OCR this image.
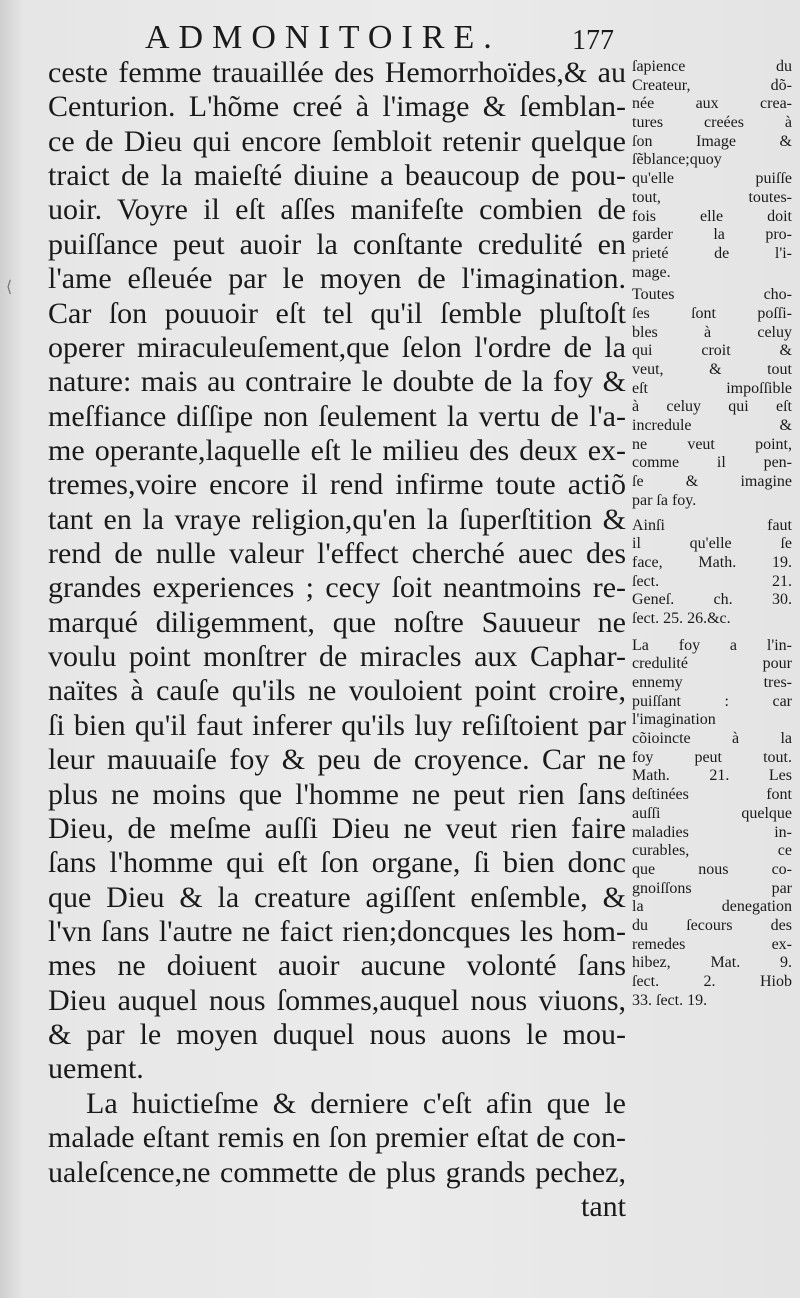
ADMONITOIRE.	177
⟨
ceste femme trauaillée des Hemorrhoïdes,& au
Centurion. L'hõme creé à l'image & ſemblan-
ce de Dieu qui encore ſembloit retenir quelque
traict de la maieſté diuine a beaucoup de pou-
uoir. Voyre il eſt aſſes manifeſte combien de
puiſſance peut auoir la conſtante credulité en
l'ame eſleuée par le moyen de l'imagination.
Car ſon pouuoir eſt tel qu'il ſemble pluſtoſt
operer miraculeuſement,que ſelon l'ordre de la
nature: mais au contraire le doubte de la foy &
meſfiance diſſipe non ſeulement la vertu de l'a-
me operante,laquelle eſt le milieu des deux ex-
tremes,voire encore il rend infirme toute actiõ
tant en la vraye religion,qu'en la ſuperſtition &
rend de nulle valeur l'effect cherché auec des
grandes experiences ; cecy ſoit neantmoins re-
marqué diligemment, que noſtre Sauueur ne
voulu point monſtrer de miracles aux Caphar-
naïtes à cauſe qu'ils ne vouloient point croire,
ſi bien qu'il faut inferer qu'ils luy reſiſtoient par
leur mauuaiſe foy & peu de croyence. Car ne
plus ne moins que l'homme ne peut rien ſans
Dieu, de meſme auſſi Dieu ne veut rien faire
ſans l'homme qui eſt ſon organe, ſi bien donc
que Dieu & la creature agiſſent enſemble, &
l'vn ſans l'autre ne faict rien;doncques les hom-
mes ne doiuent auoir aucune volonté ſans
Dieu auquel nous ſommes,auquel nous viuons,
& par le moyen duquel nous auons le mou-
uement.
La huictieſme & derniere c'eſt afin que le
malade eſtant remis en ſon premier eſtat de con-
ualeſcence,ne commette de plus grands pechez,
tant
ſapience du
Createur, dõ-
née aux crea-
tures creées à
ſon Image &
ſẽblance;quoy
qu'elle puiſſe
tout, toutes-
fois elle doit
garder la pro-
prieté de l'i-
mage.
Toutes cho-
ſes ſont poſſi-
bles à celuy
qui croit &
veut, & tout
eſt impoſſible
à celuy qui eſt
incredule &
ne veut point,
comme il pen-
ſe & imagine
par ſa foy.
Ainſi faut
il qu'elle ſe
face, Math. 19.
ſect. 21.
Geneſ. ch. 30.
ſect. 25. 26.&c.
La foy a l'in-
credulité pour
ennemy tres-
puiſſant : car
l'imagination
cõioincte à la
foy peut tout.
Math. 21. Les
deſtinées font
auſſi quelque
maladies in-
curables, ce
que nous co-
gnoiſſons par
la denegation
du ſecours des
remedes ex-
hibez, Mat. 9.
ſect. 2. Hiob
33. ſect. 19.
